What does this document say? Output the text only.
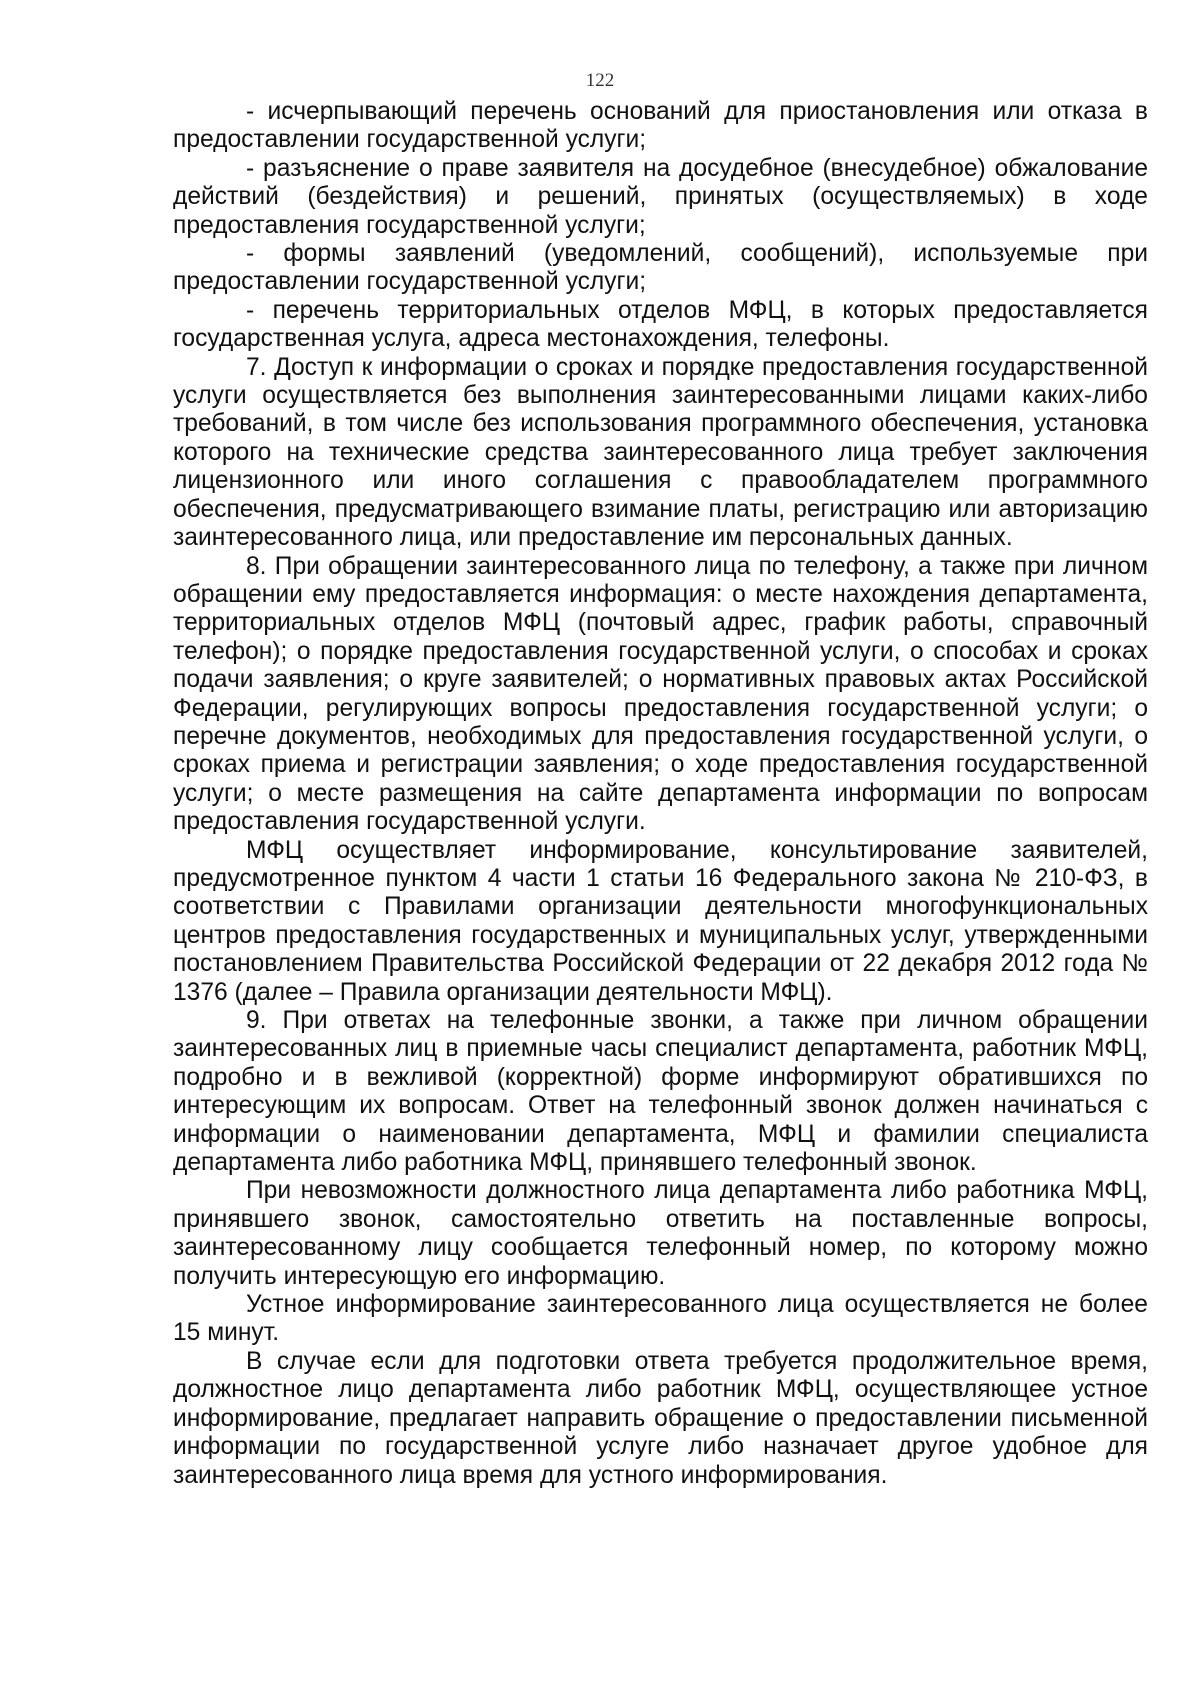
122

- исчерпывающий перечень оснований для приостановления или отказа в предоставлении государственной услуги;

- разъяснение о праве заявителя на досудебное (внесудебное) обжалование действий (бездействия) и решений, принятых (осуществляемых) в ходе предоставления государственной услуги;

- формы заявлений (уведомлений, сообщений), используемые при предоставлении государственной услуги;

- перечень территориальных отделов МФЦ, в которых предоставляется государственная услуга, адреса местонахождения, телефоны.

7. Доступ к информации о сроках и порядке предоставления государственной услуги осуществляется без выполнения заинтересованными лицами каких-либо требований, в том числе без использования программного обеспечения, установка которого на технические средства заинтересованного лица требует заключения лицензионного или иного соглашения с правообладателем программного обеспечения, предусматривающего взимание платы, регистрацию или авторизацию заинтересованного лица, или предоставление им персональных данных.

8. При обращении заинтересованного лица по телефону, а также при личном обращении ему предоставляется информация: о месте нахождения департамента, территориальных отделов МФЦ (почтовый адрес, график работы, справочный телефон); о порядке предоставления государственной услуги, о способах и сроках подачи заявления; о круге заявителей; о нормативных правовых актах Российской Федерации, регулирующих вопросы предоставления государственной услуги; о перечне документов, необходимых для предоставления государственной услуги, о сроках приема и регистрации заявления; о ходе предоставления государственной услуги; о месте размещения на сайте департамента информации по вопросам предоставления государственной услуги.

МФЦ осуществляет информирование, консультирование заявителей, предусмотренное пунктом 4 части 1 статьи 16 Федерального закона № 210-ФЗ, в соответствии с Правилами организации деятельности многофункциональных центров предоставления государственных и муниципальных услуг, утвержденными постановлением Правительства Российской Федерации от 22 декабря 2012 года № 1376 (далее – Правила организации деятельности МФЦ).

9. При ответах на телефонные звонки, а также при личном обращении заинтересованных лиц в приемные часы специалист департамента, работник МФЦ, подробно и в вежливой (корректной) форме информируют обратившихся по интересующим их вопросам. Ответ на телефонный звонок должен начинаться с информации о наименовании департамента, МФЦ и фамилии специалиста департамента либо работника МФЦ, принявшего телефонный звонок.

При невозможности должностного лица департамента либо работника МФЦ, принявшего звонок, самостоятельно ответить на поставленные вопросы, заинтересованному лицу сообщается телефонный номер, по которому можно получить интересующую его информацию.

Устное информирование заинтересованного лица осуществляется не более 15 минут.

В случае если для подготовки ответа требуется продолжительное время, должностное лицо департамента либо работник МФЦ, осуществляющее устное информирование, предлагает направить обращение о предоставлении письменной информации по государственной услуге либо назначает другое удобное для заинтересованного лица время для устного информирования.
